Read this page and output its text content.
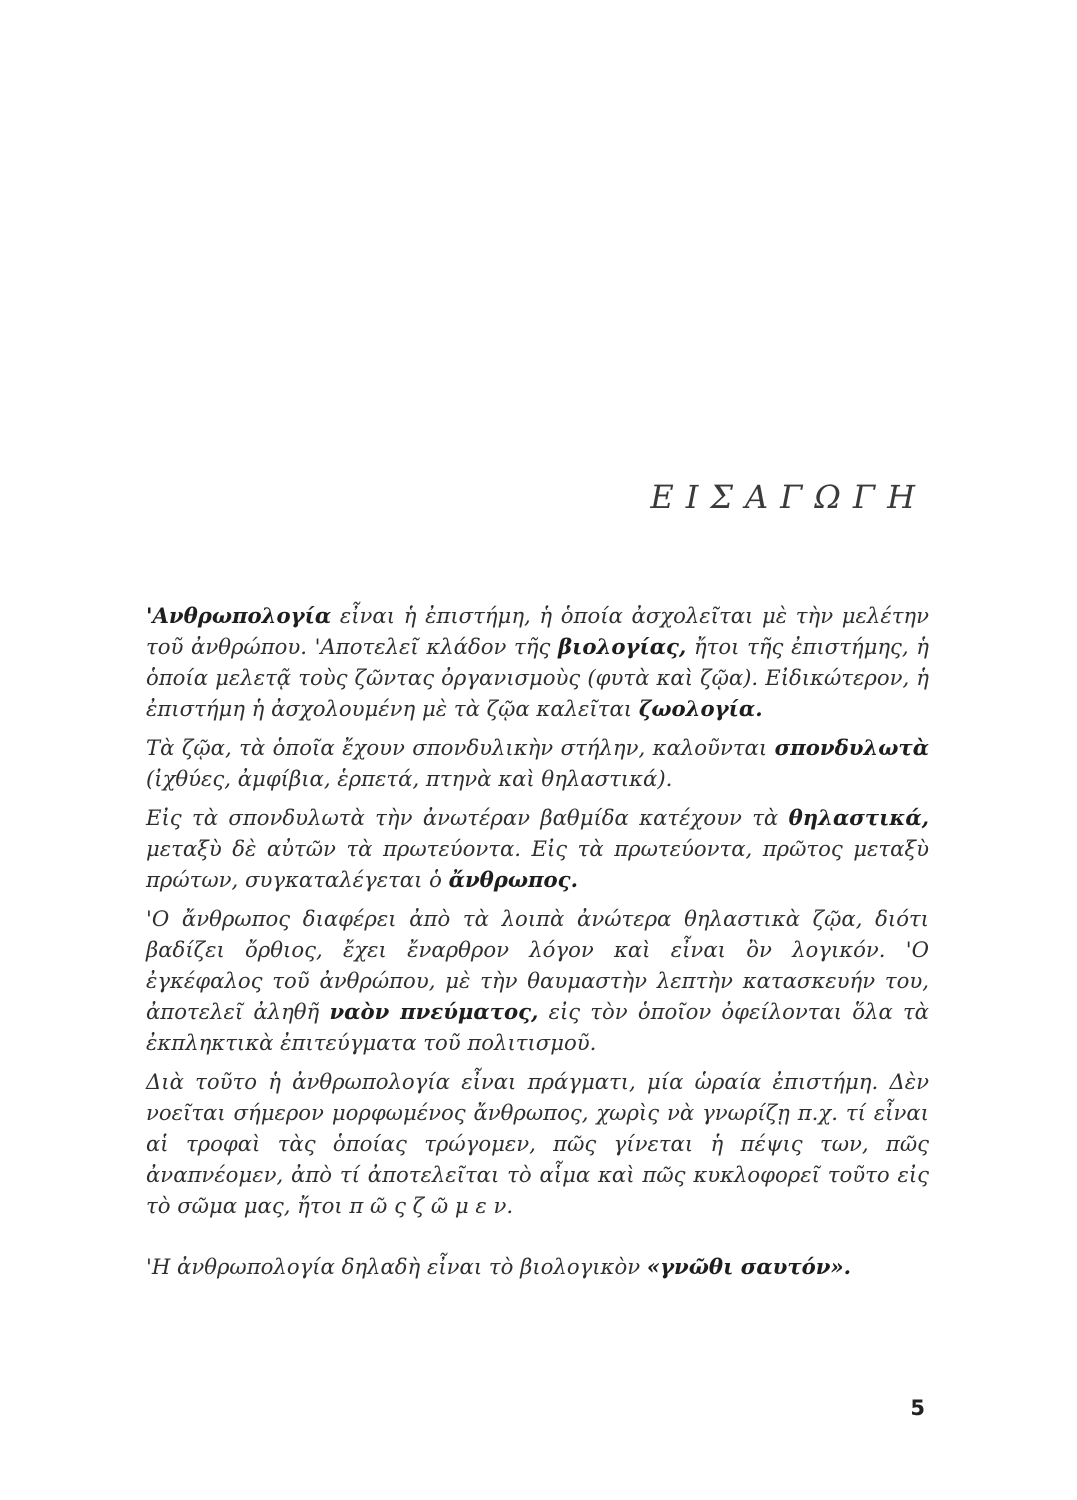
ΕΙΣΑΓΩΓΗ

'Ανθρωπολογία εἶναι ἡ ἐπιστήμη, ἡ ὁποία ἀσχολεῖται μὲ τὴν μελέτην τοῦ ἀνθρώπου. 'Αποτελεῖ κλάδον τῆς βιολογίας, ἤτοι τῆς ἐπιστήμης, ἡ ὁποία μελετᾷ τοὺς ζῶντας ὀργανισμοὺς (φυτὰ καὶ ζῷα). Εἰδικώτερον, ἡ ἐπιστήμη ἡ ἀσχολουμένη μὲ τὰ ζῷα καλεῖται ζωολογία.

Τὰ ζῷα, τὰ ὁποῖα ἔχουν σπονδυλικὴν στήλην, καλοῦνται σπονδυλωτὰ (ἰχθύες, ἀμφίβια, ἑρπετά, πτηνὰ καὶ θηλαστικά).

Εἰς τὰ σπονδυλωτὰ τὴν ἀνωτέραν βαθμίδα κατέχουν τὰ θηλαστικά, μεταξὺ δὲ αὐτῶν τὰ πρωτεύοντα. Εἰς τὰ πρωτεύοντα, πρῶτος μεταξὺ πρώτων, συγκαταλέγεται ὁ ἄνθρωπος.

'Ο ἄνθρωπος διαφέρει ἀπὸ τὰ λοιπὰ ἀνώτερα θηλαστικὰ ζῷα, διότι βαδίζει ὄρθιος, ἔχει ἔναρθρον λόγον καὶ εἶναι ὂν λογικόν. 'Ο ἐγκέφαλος τοῦ ἀνθρώπου, μὲ τὴν θαυμαστὴν λεπτὴν κατασκευήν του, ἀποτελεῖ ἀληθῆ ναὸν πνεύματος, εἰς τὸν ὁποῖον ὀφείλονται ὅλα τὰ ἐκπληκτικὰ ἐπιτεύγματα τοῦ πολιτισμοῦ.

Διὰ τοῦτο ἡ ἀνθρωπολογία εἶναι πράγματι, μία ὡραία ἐπιστήμη. Δὲν νοεῖται σήμερον μορφωμένος ἄνθρωπος, χωρὶς νὰ γνωρίζῃ π.χ. τί εἶναι αἱ τροφαὶ τὰς ὁποίας τρώγομεν, πῶς γίνεται ἡ πέψις των, πῶς ἀναπνέομεν, ἀπὸ τί ἀποτελεῖται τὸ αἷμα καὶ πῶς κυκλοφορεῖ τοῦτο εἰς τὸ σῶμα μας, ἤτοι π ῶ ς ζ ῶ μ ε ν.

'Η ἀνθρωπολογία δηλαδὴ εἶναι τὸ βιολογικὸν «γνῶθι σαυτόν».

5
